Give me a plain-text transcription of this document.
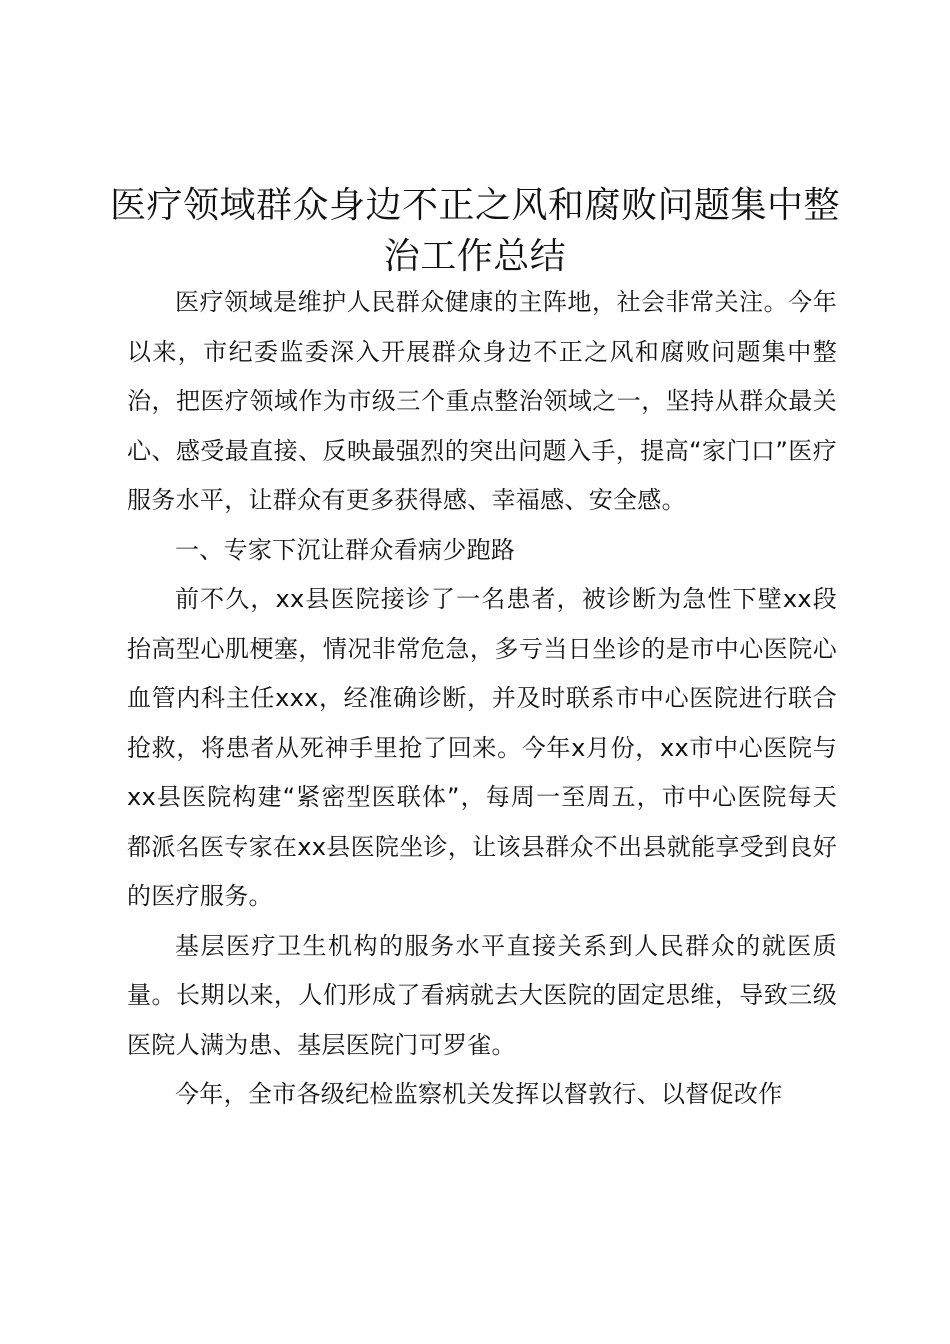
医疗领域群众身边不正之风和腐败问题集中整治工作总结

医疗领域是维护人民群众健康的主阵地，社会非常关注。今年以来，市纪委监委深入开展群众身边不正之风和腐败问题集中整治，把医疗领域作为市级三个重点整治领域之一，坚持从群众最关心、感受最直接、反映最强烈的突出问题入手，提高“家门口”医疗服务水平，让群众有更多获得感、幸福感、安全感。

一、专家下沉让群众看病少跑路

前不久，xx县医院接诊了一名患者，被诊断为急性下壁xx段抬高型心肌梗塞，情况非常危急，多亏当日坐诊的是市中心医院心血管内科主任xxx，经准确诊断，并及时联系市中心医院进行联合抢救，将患者从死神手里抢了回来。今年x月份，xx市中心医院与xx县医院构建“紧密型医联体”，每周一至周五，市中心医院每天都派名医专家在xx县医院坐诊，让该县群众不出县就能享受到良好的医疗服务。

基层医疗卫生机构的服务水平直接关系到人民群众的就医质量。长期以来，人们形成了看病就去大医院的固定思维，导致三级医院人满为患、基层医院门可罗雀。

今年，全市各级纪检监察机关发挥以督敦行、以督促改作
